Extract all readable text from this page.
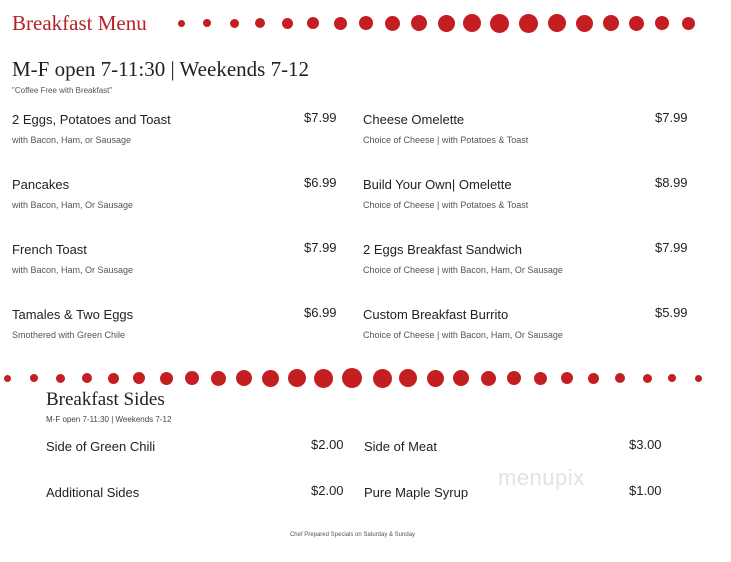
Breakfast Menu
M-F open 7-11:30 | Weekends 7-12
"Coffee Free with Breakfast"
2 Eggs, Potatoes and Toast
with Bacon, Ham, or Sausage
$7.99
Pancakes
with Bacon, Ham, Or Sausage
$6.99
French Toast
with Bacon, Ham, Or Sausage
$7.99
Tamales & Two Eggs
Smothered with Green Chile
$6.99
Cheese Omelette
Choice of Cheese | with Potatoes & Toast
$7.99
Build Your Own| Omelette
Choice of Cheese | with Potatoes & Toast
$8.99
2 Eggs Breakfast Sandwich
Choice of Cheese | with Bacon, Ham, Or Sausage
$7.99
Custom Breakfast Burrito
Choice of Cheese | with Bacon, Ham, Or Sausage
$5.99
Breakfast Sides
M-F open 7-11:30 | Weekends 7-12
Side of Green Chili	$2.00 Side of Meat	$3.00
Additional Sides	$2.00 Pure Maple Syrup	$1.00
menupix
Chef Prepared Specials on Saturday & Sunday
